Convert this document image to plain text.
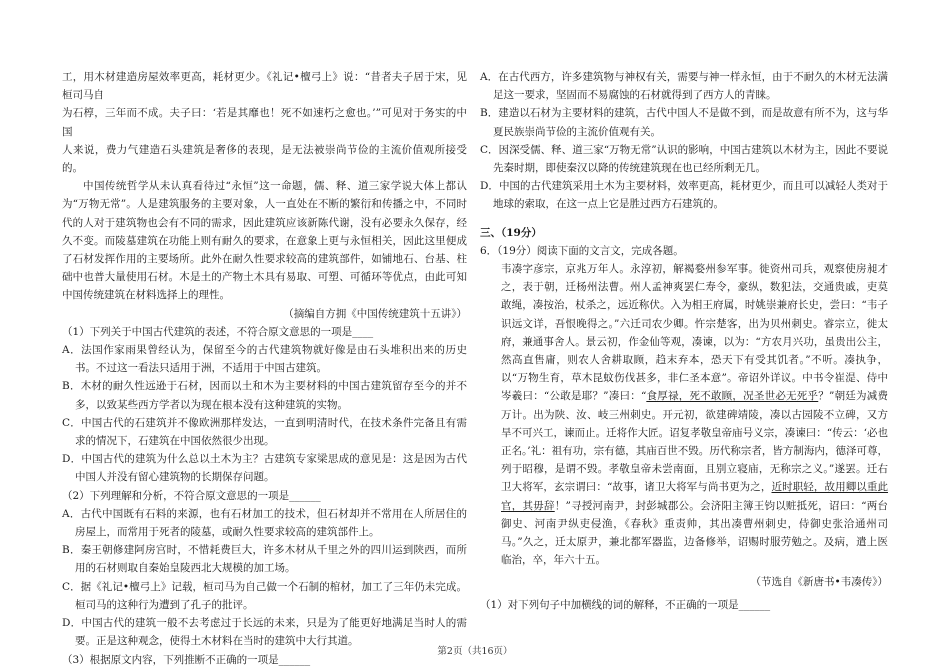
工，用木材建造房屋效率更高，耗材更少。《礼记•檀弓上》说：“昔者夫子居于宋，见桓司马自

为石椁，三年而不成。夫子曰：‘若是其靡也！死不如速朽之愈也。’”可见对于务实的中国

人来说，费力气建造石头建筑是奢侈的表现，是无法被崇尚节俭的主流价值观所接受的。

中国传统哲学从未认真看待过“永恒”这一命题，儒、释、道三家学说大体上都认为“万物无常”。人是建筑服务的主要对象，人一直处在不断的繁衍和传播之中，不同时代的人对于建筑物也会有不同的需求，因此建筑应该新陈代谢，没有必要永久保存，经久不变。而陵墓建筑在功能上则有耐久的要求，在意象上更与永恒相关，因此这里便成了石材发挥作用的主要场所。此外在耐久性要求较高的建筑部件，如铺地石、台基、柱础中也普大量使用石材。木是土的产物土木具有易取、可塑、可循环等优点，由此可知中国传统建筑在材料选择上的理性。

（摘编自方拥《中国传统建筑十五讲》）

（1）下列关于中国古代建筑的表述，不符合原文意思的一项是____

A．法国作家雨果曾经认为，保留至今的古代建筑物就好像是由石头堆积出来的历史书。不过这一看法只适用于洲，不适用于中国古建筑。

B．木材的耐久性远逊于石材，因而以土和木为主要材料的中国古建筑留存至今的并不多，以致某些西方学者以为现在根本没有这种建筑的实物。

C．中国古代的石建筑并不像欧洲那样发达，一直到明清时代，在技术条件完备且有需求的情况下，石建筑在中国依然很少出现。

D．中国古代的建筑为什么总以土木为主？古建筑专家梁思成的意见是：这是因为古代中国人并没有留心建筑物的长期保存问题。

（2）下列理解和分析，不符合原文意思的一项是______

A．古代中国既有石料的来源，也有石材加工的技术，但石材却并不常用在人所居住的房屋上，而常用于死者的陵墓，或耐久性要求较高的建筑部件上。

B．秦王朝修建阿房宫时，不惜耗费巨大，许多木材从千里之外的四川运到陕西，而所用的石材则取自秦始皇陵西北大规模的加工场。

C．据《礼记•檀弓上》记载，桓司马为自己做一个石制的棺材，加工了三年仍未完成。桓司马的这种行为遭到了孔子的批评。

D．中国古代的建筑一般不去考虑过于长远的未来，只是为了能更好地满足当时人的需要。正是这种观念，使得土木材料在当时的建筑中大行其道。

（3）根据原文内容，下列推断不正确的一项是______

A．在古代西方，许多建筑物与神权有关，需要与神一样永恒，由于不耐久的木材无法满足这一要求，坚固而不易腐蚀的石材就得到了西方人的青睐。

B．建造以石材为主要材料的建筑，古代中国人不是做不到，而是故意有所不为，这与华夏民族崇尚节俭的主流价值观有关。

C．因深受儒、释、道三家“万物无常”认识的影响，中国古建筑以木材为主，因此不要说先秦时期，即使秦汉以降的传统建筑现在也已经所剩无几。

D．中国的古代建筑采用土木为主要材料，效率更高，耗材更少，而且可以减轻人类对于地球的索取，在这一点上它是胜过西方石建筑的。

三、（19分）

6．（19分）阅读下面的文言文，完成各题。

韦凑字彦宗，京兆万年人。永淳初，解褐婺州参军事。徙资州司兵，观察使房昶才之，表于朝，迁杨州法曹。州人孟神爽罢仁寿令，豪纵，数犯法，交通贵戚，吏莫敢绳，凑按治，杖杀之，远近称伏。入为相王府属，时姚崇兼府长史，尝曰：“韦子识远文详，吾恨晚得之。”六迁司农少卿。忤宗楚客，出为贝州刺史。睿宗立，徙太府，兼通事舍人。景云初，作金仙等观，凑谏，以为：“方农月兴功，虽贵出公主，然高直售庸，则农人舍耕取顾，趋末弃本，恐天下有受其饥者。”不听。凑执争，以“万物生育，草木昆蚊伤伐甚多，非仁圣本意”。帝诏外详议。中书令崔湜、侍中岑羲曰：“公敢是耶？”凑曰：“食厚禄，死不敢顾，况圣世必无死乎？”朝廷为减费万计。出为陕、汝、岐三州刺史。开元初，欲建碑靖陵，凑以古园陵不立碑，又方旱不可兴工，谏而止。迁将作大匠。诏复孝敬皇帝庙号义宗，凑谏曰：“传云：‘必也正名。’礼：祖有功，宗有德，其庙百世不毁。历代称宗者，皆方制海内，德泽可尊，列于昭穆，是谓不毁。孝敬皇帝未尝南面，且别立寝庙，无称宗之义。”遂罢。迁右卫大将军，玄宗谓曰：“故事，诸卫大将军与尚书更为之，近时职轻，故用卿以重此官，其毋辞！”寻授河南尹，封彭城郡公。会济阳主簿王钧以赃抵死，诏曰：“两台御史、河南尹纵吏侵渔，《春秋》重责帅，其出凑曹州刺史，侍御史张洽通州司马。”久之，迁太原尹，兼北都军器监，边备修举，诏赐时服劳勉之。及病，遣上医临治，卒，年六十五。

（节选自《新唐书•韦凑传》）

（1）对下列句子中加横线的词的解释，不正确的一项是______

第2页（共16页）
